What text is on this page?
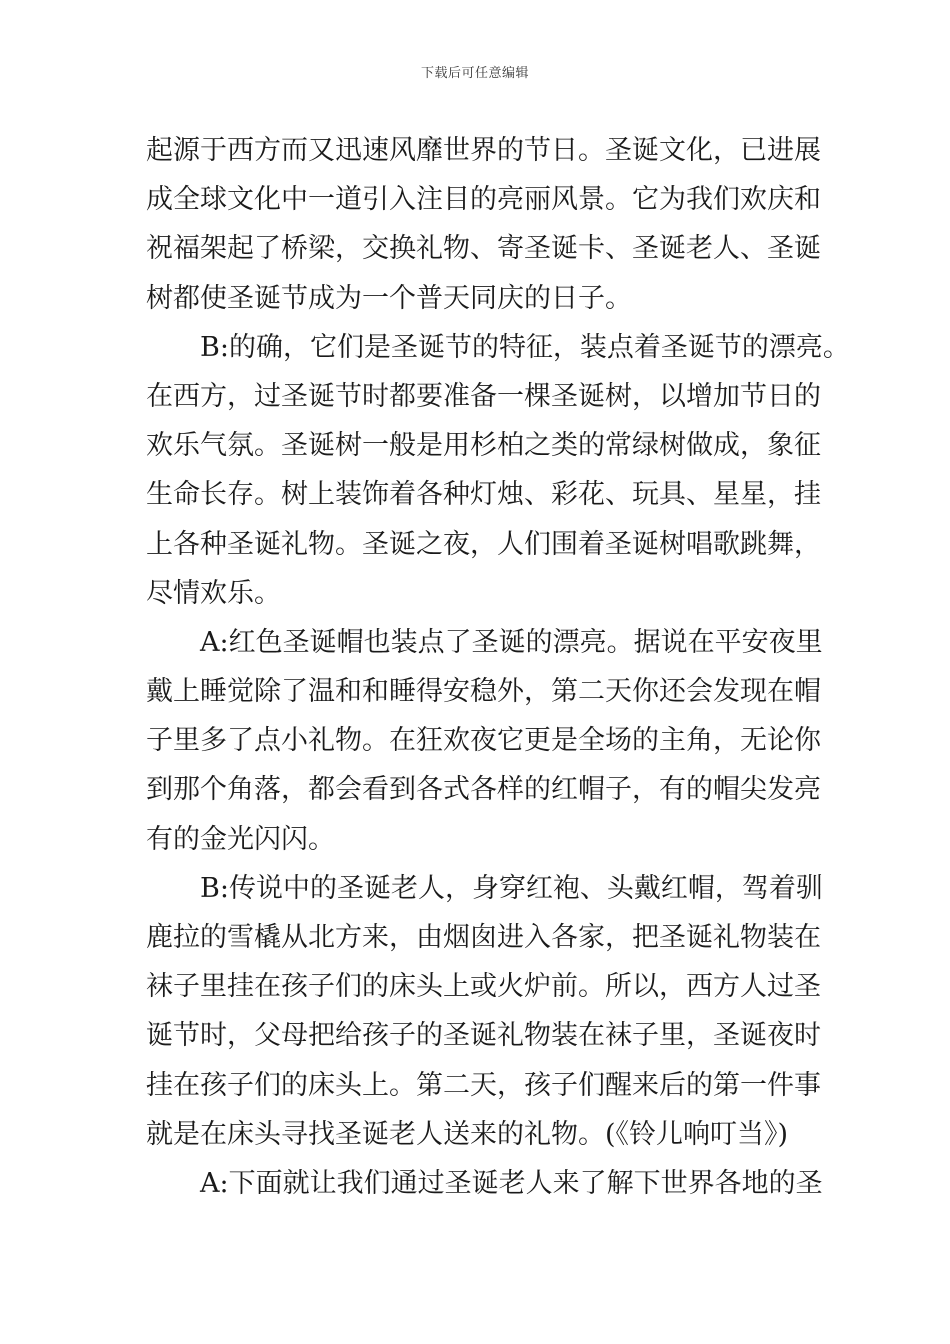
下载后可任意编辑
起源于西方而又迅速风靡世界的节日。圣诞文化，已进展
成全球文化中一道引入注目的亮丽风景。它为我们欢庆和
祝福架起了桥梁，交换礼物、寄圣诞卡、圣诞老人、圣诞
树都使圣诞节成为一个普天同庆的日子。
B:的确，它们是圣诞节的特征，装点着圣诞节的漂亮。
在西方，过圣诞节时都要准备一棵圣诞树，以增加节日的
欢乐气氛。圣诞树一般是用杉柏之类的常绿树做成，象征
生命长存。树上装饰着各种灯烛、彩花、玩具、星星，挂
上各种圣诞礼物。圣诞之夜，人们围着圣诞树唱歌跳舞，
尽情欢乐。
A:红色圣诞帽也装点了圣诞的漂亮。据说在平安夜里
戴上睡觉除了温和和睡得安稳外，第二天你还会发现在帽
子里多了点小礼物。在狂欢夜它更是全场的主角，无论你
到那个角落，都会看到各式各样的红帽子，有的帽尖发亮
有的金光闪闪。
B:传说中的圣诞老人，身穿红袍、头戴红帽，驾着驯
鹿拉的雪橇从北方来，由烟囱进入各家，把圣诞礼物装在
袜子里挂在孩子们的床头上或火炉前。所以，西方人过圣
诞节时，父母把给孩子的圣诞礼物装在袜子里，圣诞夜时
挂在孩子们的床头上。第二天，孩子们醒来后的第一件事
就是在床头寻找圣诞老人送来的礼物。(《铃儿响叮当》)
A:下面就让我们通过圣诞老人来了解下世界各地的圣
